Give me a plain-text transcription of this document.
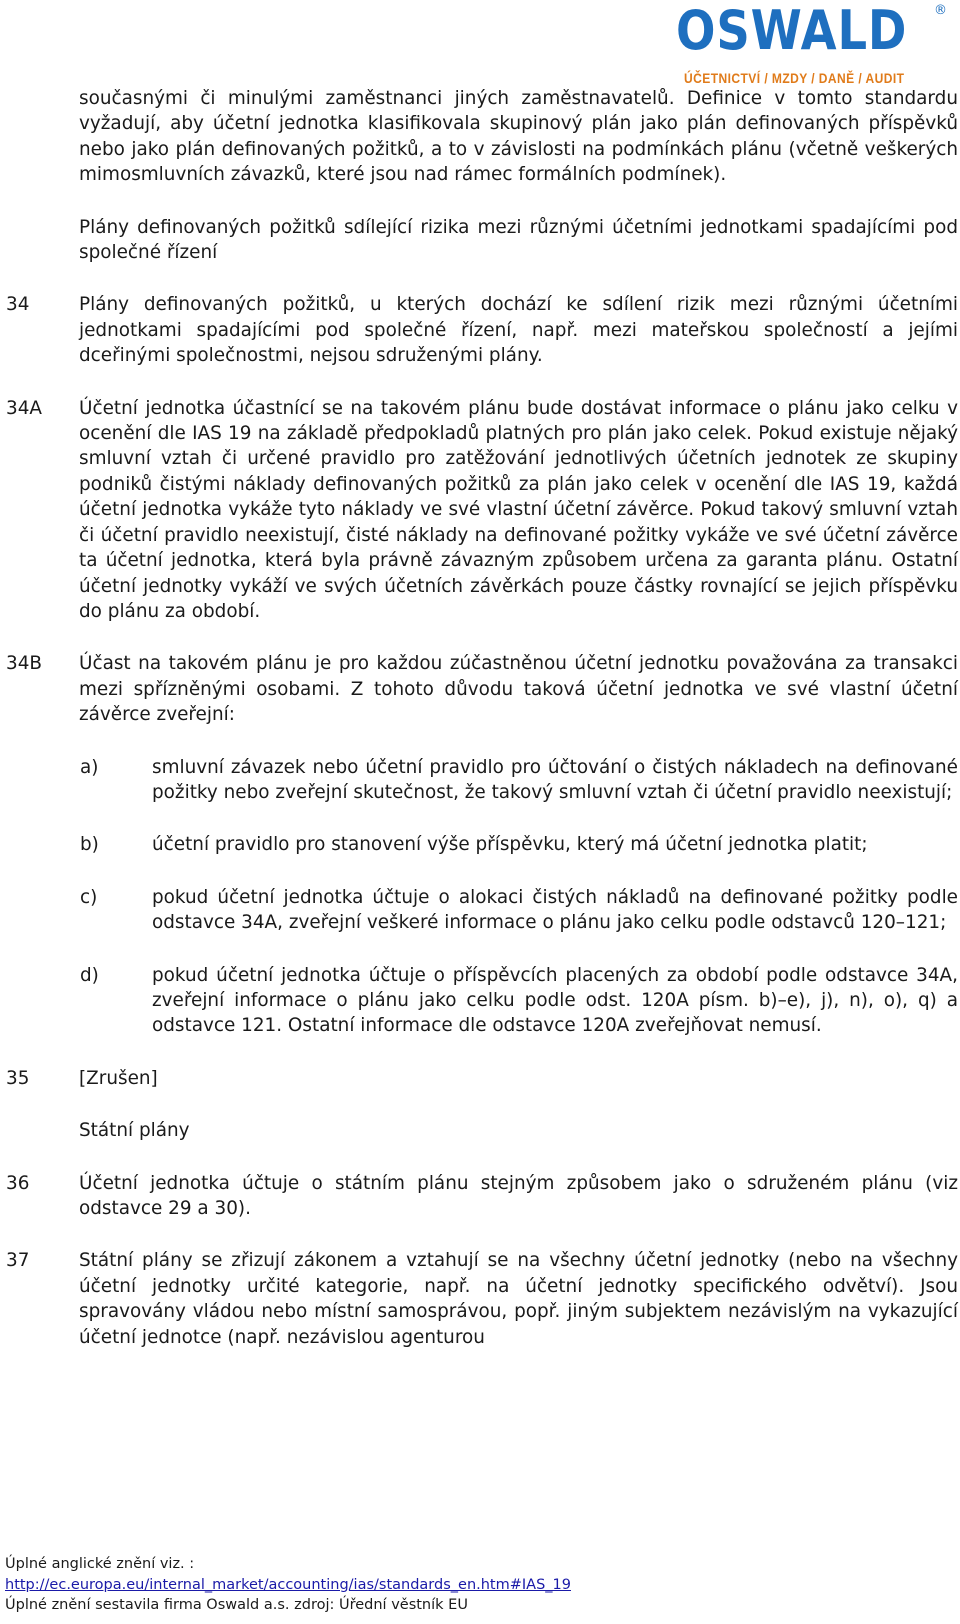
OSWALD ®
ÚČETNICTVÍ / MZDY / DANĚ / AUDIT
současnými či minulými zaměstnanci jiných zaměstnavatelů. Definice v tomto standardu vyžadují, aby účetní jednotka klasifikovala skupinový plán jako plán definovaných příspěvků nebo jako plán definovaných požitků, a to v závislosti na podmínkách plánu (včetně veškerých mimosmluvních závazků, které jsou nad rámec formálních podmínek).
Plány definovaných požitků sdílející rizika mezi různými účetními jednotkami spadajícími pod společné řízení
34	Plány definovaných požitků, u kterých dochází ke sdílení rizik mezi různými účetními jednotkami spadajícími pod společné řízení, např. mezi mateřskou společností a jejími dceřinými společnostmi, nejsou sdruženými plány.
34A Účetní jednotka účastnící se na takovém plánu bude dostávat informace o plánu jako celku v ocenění dle IAS 19 na základě předpokladů platných pro plán jako celek. Pokud existuje nějaký smluvní vztah či určené pravidlo pro zatěžování jednotlivých účetních jednotek ze skupiny podniků čistými náklady definovaných požitků za plán jako celek v ocenění dle IAS 19, každá účetní jednotka vykáže tyto náklady ve své vlastní účetní závěrce. Pokud takový smluvní vztah či účetní pravidlo neexistují, čisté náklady na definované požitky vykáže ve své účetní závěrce ta účetní jednotka, která byla právně závazným způsobem určena za garanta plánu. Ostatní účetní jednotky vykáží ve svých účetních závěrkách pouze částky rovnající se jejich příspěvku do plánu za období.
34B Účast na takovém plánu je pro každou zúčastněnou účetní jednotku považována za transakci mezi spřízněnými osobami. Z tohoto důvodu taková účetní jednotka ve své vlastní účetní závěrce zveřejní:
a)	smluvní závazek nebo účetní pravidlo pro účtování o čistých nákladech na definované požitky nebo zveřejní skutečnost, že takový smluvní vztah či účetní pravidlo neexistují;
b)	účetní pravidlo pro stanovení výše příspěvku, který má účetní jednotka platit;
c)	pokud účetní jednotka účtuje o alokaci čistých nákladů na definované požitky podle odstavce 34A, zveřejní veškeré informace o plánu jako celku podle odstavců 120–121;
d)	pokud účetní jednotka účtuje o příspěvcích placených za období podle odstavce 34A, zveřejní informace o plánu jako celku podle odst. 120A písm. b)–e), j), n), o), q) a odstavce 121. Ostatní informace dle odstavce 120A zveřejňovat nemusí.
35	[Zrušen]
Státní plány
36	Účetní jednotka účtuje o státním plánu stejným způsobem jako o sdruženém plánu (viz odstavce 29 a 30).
37	Státní plány se zřizují zákonem a vztahují se na všechny účetní jednotky (nebo na všechny účetní jednotky určité kategorie, např. na účetní jednotky specifického odvětví). Jsou spravovány vládou nebo místní samosprávou, popř. jiným subjektem nezávislým na vykazující účetní jednotce (např. nezávislou agenturou
Úplné anglické znění viz. :
http://ec.europa.eu/internal_market/accounting/ias/standards_en.htm#IAS_19
Úplné znění sestavila firma Oswald a.s. zdroj: Úřední věstník EU
